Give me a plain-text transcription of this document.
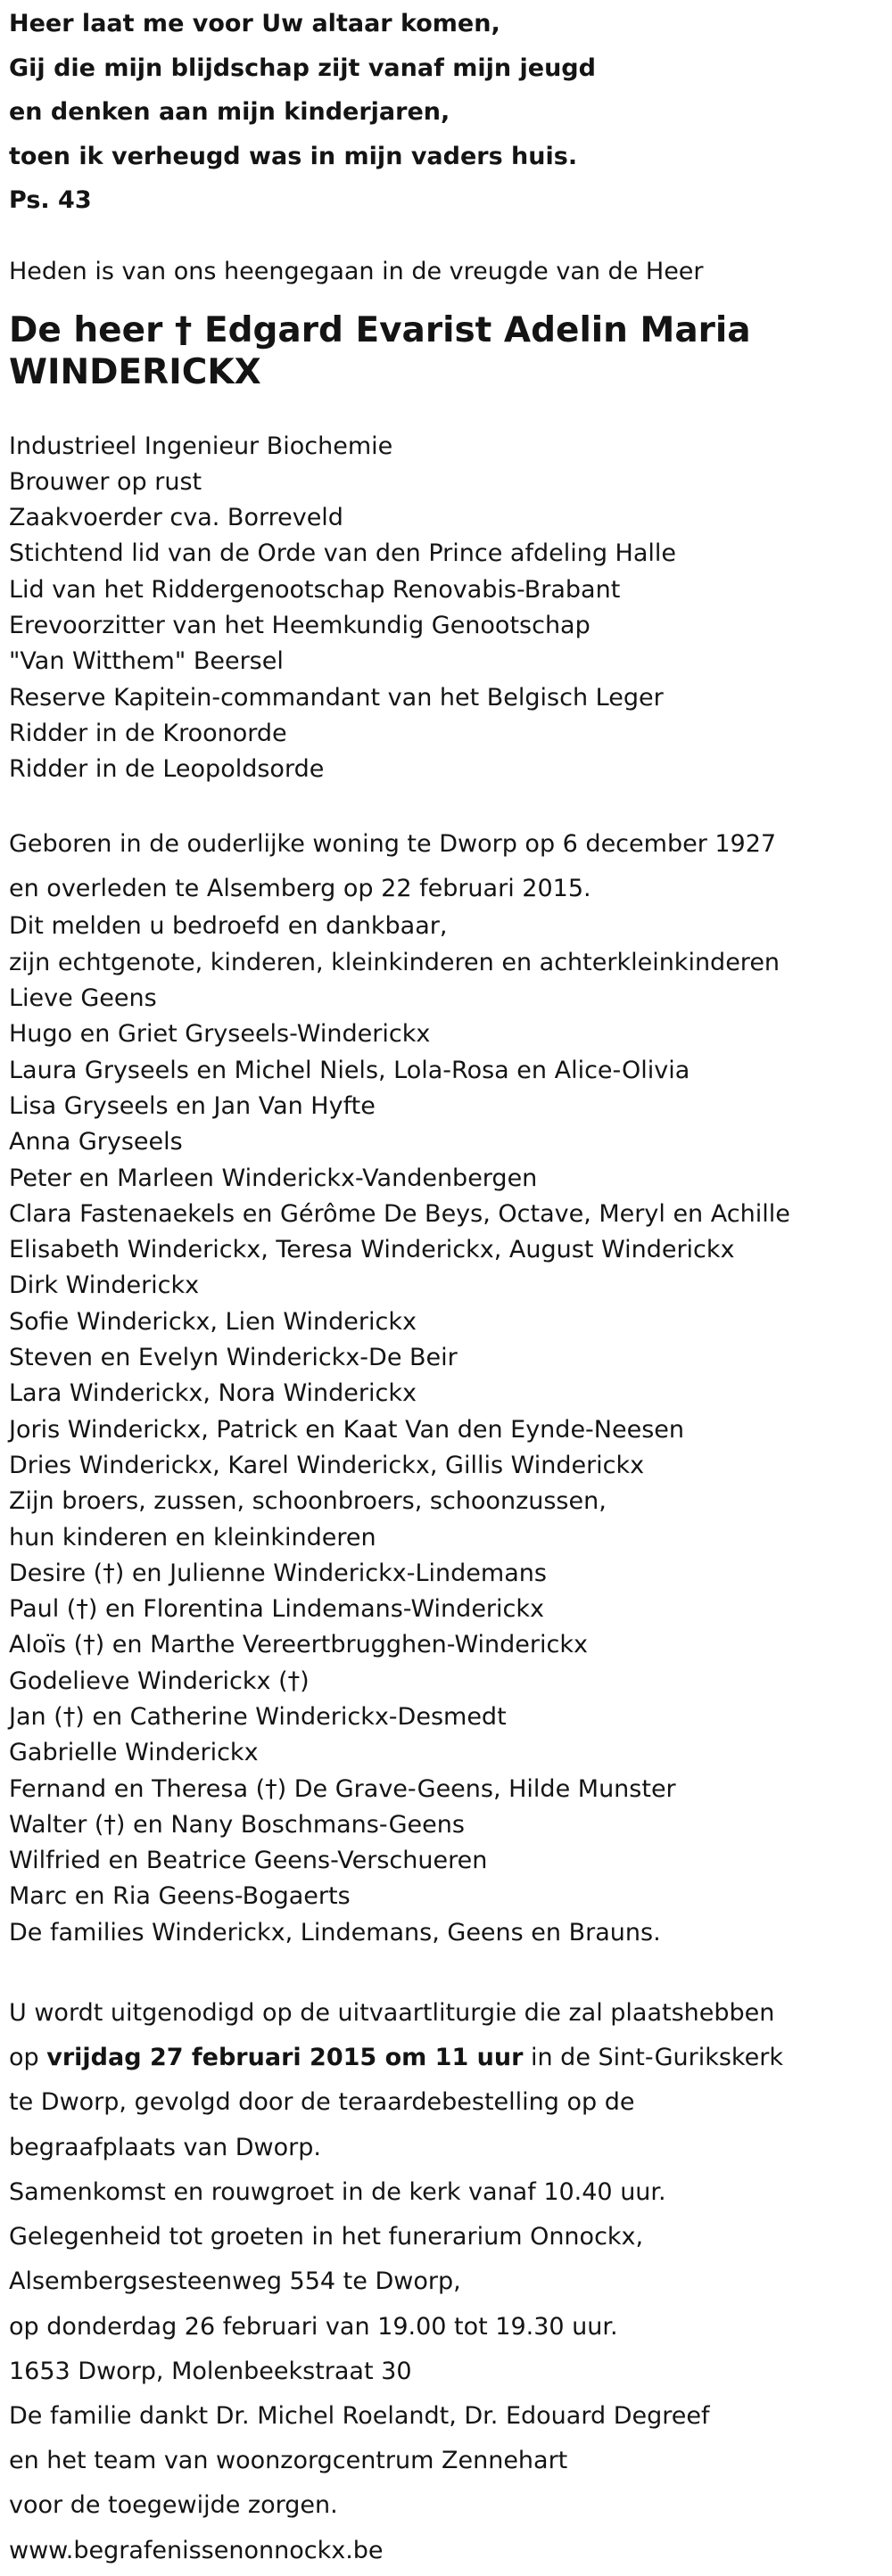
Heer laat me voor Uw altaar komen,
Gij die mijn blijdschap zijt vanaf mijn jeugd
en denken aan mijn kinderjaren,
toen ik verheugd was in mijn vaders huis.
Ps. 43
Heden is van ons heengegaan in de vreugde van de Heer
De heer † Edgard Evarist Adelin Maria
WINDERICKX
Industrieel Ingenieur Biochemie
Brouwer op rust
Zaakvoerder cva. Borreveld
Stichtend lid van de Orde van den Prince afdeling Halle
Lid van het Riddergenootschap Renovabis-Brabant
Erevoorzitter van het Heemkundig Genootschap
"Van Witthem" Beersel
Reserve Kapitein-commandant van het Belgisch Leger
Ridder in de Kroonorde
Ridder in de Leopoldsorde
Geboren in de ouderlijke woning te Dworp op 6 december 1927
en overleden te Alsemberg op 22 februari 2015.
Dit melden u bedroefd en dankbaar,
zijn echtgenote, kinderen, kleinkinderen en achterkleinkinderen
Lieve Geens
Hugo en Griet Gryseels-Winderickx
Laura Gryseels en Michel Niels, Lola-Rosa en Alice-Olivia
Lisa Gryseels en Jan Van Hyfte
Anna Gryseels
Peter en Marleen Winderickx-Vandenbergen
Clara Fastenaekels en Gérôme De Beys, Octave, Meryl en Achille
Elisabeth Winderickx, Teresa Winderickx, August Winderickx
Dirk Winderickx
Sofie Winderickx, Lien Winderickx
Steven en Evelyn Winderickx-De Beir
Lara Winderickx, Nora Winderickx
Joris Winderickx, Patrick en Kaat Van den Eynde-Neesen
Dries Winderickx, Karel Winderickx, Gillis Winderickx
Zijn broers, zussen, schoonbroers, schoonzussen,
hun kinderen en kleinkinderen
Desire (†) en Julienne Winderickx-Lindemans
Paul (†) en Florentina Lindemans-Winderickx
Aloïs (†) en Marthe Vereertbrugghen-Winderickx
Godelieve Winderickx (†)
Jan (†) en Catherine Winderickx-Desmedt
Gabrielle Winderickx
Fernand en Theresa (†) De Grave-Geens, Hilde Munster
Walter (†) en Nany Boschmans-Geens
Wilfried en Beatrice Geens-Verschueren
Marc en Ria Geens-Bogaerts
De families Winderickx, Lindemans, Geens en Brauns.
U wordt uitgenodigd op de uitvaartliturgie die zal plaatshebben
op vrijdag 27 februari 2015 om 11 uur in de Sint-Gurikskerk
te Dworp, gevolgd door de teraardebestelling op de
begraafplaats van Dworp.
Samenkomst en rouwgroet in de kerk vanaf 10.40 uur.
Gelegenheid tot groeten in het funerarium Onnockx,
Alsembergsesteenweg 554 te Dworp,
op donderdag 26 februari van 19.00 tot 19.30 uur.
1653 Dworp, Molenbeekstraat 30
De familie dankt Dr. Michel Roelandt, Dr. Edouard Degreef
en het team van woonzorgcentrum Zennehart
voor de toegewijde zorgen.
www.begrafenissenonnockx.be
